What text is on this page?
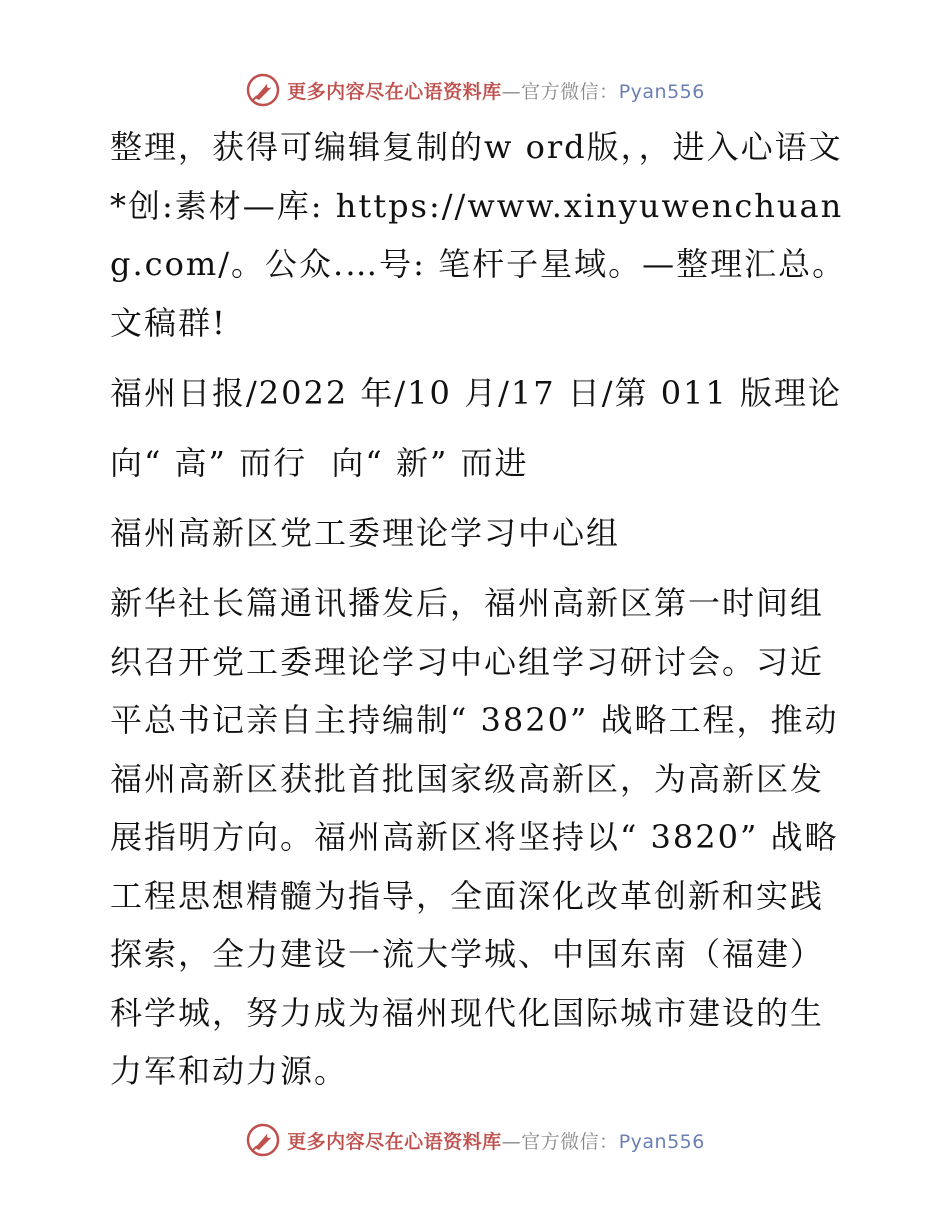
更多内容尽在心语资料库—官方微信：Pyan556

整理，获得可编辑复制的w ord版，，进入心语文*创:素材—库: https://www.xinyuwenchuang.com/。公众.…号: 笔杆子星域。—整理汇总。文稿群!

福州日报/2022 年/10 月/17 日/第 011 版理论

向“ 高” 而行  向“ 新” 而进

福州高新区党工委理论学习中心组

新华社长篇通讯播发后，福州高新区第一时间组织召开党工委理论学习中心组学习研讨会。习近平总书记亲自主持编制“ 3820” 战略工程，推动福州高新区获批首批国家级高新区，为高新区发展指明方向。福州高新区将坚持以“ 3820” 战略工程思想精髓为指导，全面深化改革创新和实践探索，全力建设一流大学城、中国东南（福建）科学城，努力成为福州现代化国际城市建设的生力军和动力源。

更多内容尽在心语资料库—官方微信：Pyan556
